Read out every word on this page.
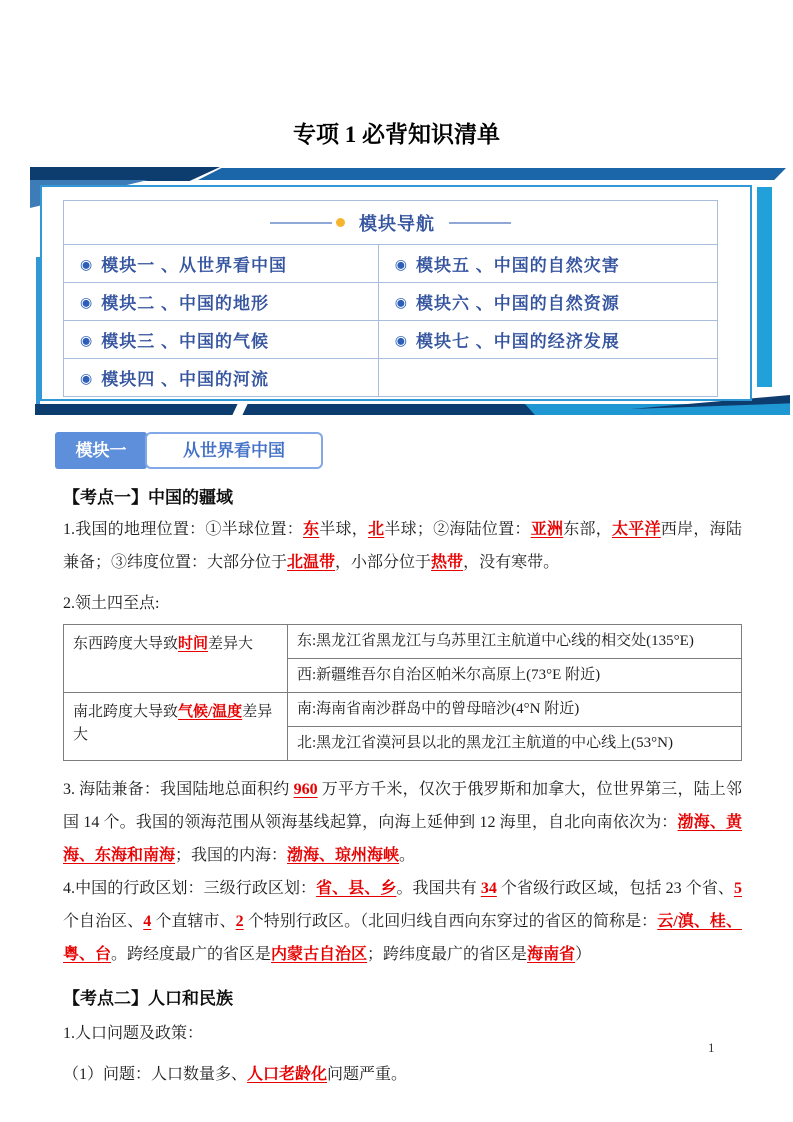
专项 1 必背知识清单
模块导航	

◉ 模块一 、从世界看中国	◉ 模块五 、中国的自然灾害

◉ 模块二 、中国的地形	◉ 模块六 、中国的自然资源

◉ 模块三 、中国的气候	◉ 模块七 、中国的经济发展

◉ 模块四 、中国的河流	

模块一	从世界看中国
【考点一】中国的疆域

1.我国的地理位置：①半球位置：东半球，北半球；②海陆位置：亚洲东部，太平洋西岸，海陆兼备；③纬度位置：大部分位于北温带，小部分位于热带，没有寒带。

2.领土四至点:

东西跨度大导致时间差异大	东:黑龙江省黑龙江与乌苏里江主航道中心线的相交处(135°E)
	西:新疆维吾尔自治区帕米尔高原上(73°E 附近)
南北跨度大导致气候/温度差异大	南:海南省南沙群岛中的曾母暗沙(4°N 附近)
	北:黑龙江省漠河县以北的黑龙江主航道的中心线上(53°N)

3. 海陆兼备：我国陆地总面积约 960 万平方千米，仅次于俄罗斯和加拿大，位世界第三，陆上邻国 14 个。我国的领海范围从领海基线起算，向海上延伸到 12 海里，自北向南依次为：渤海、黄海、东海和南海；我国的内海：渤海、琼州海峡。

4.中国的行政区划：三级行政区划：省、县、乡。我国共有 34 个省级行政区域，包括 23 个省、5 个自治区、4 个直辖市、2 个特别行政区。（北回归线自西向东穿过的省区的简称是：云/滇、桂、粤、台。跨经度最广的省区是内蒙古自治区；跨纬度最广的省区是海南省）

【考点二】人口和民族

1.人口问题及政策：

（1）问题：人口数量多、人口老龄化问题严重。

1
